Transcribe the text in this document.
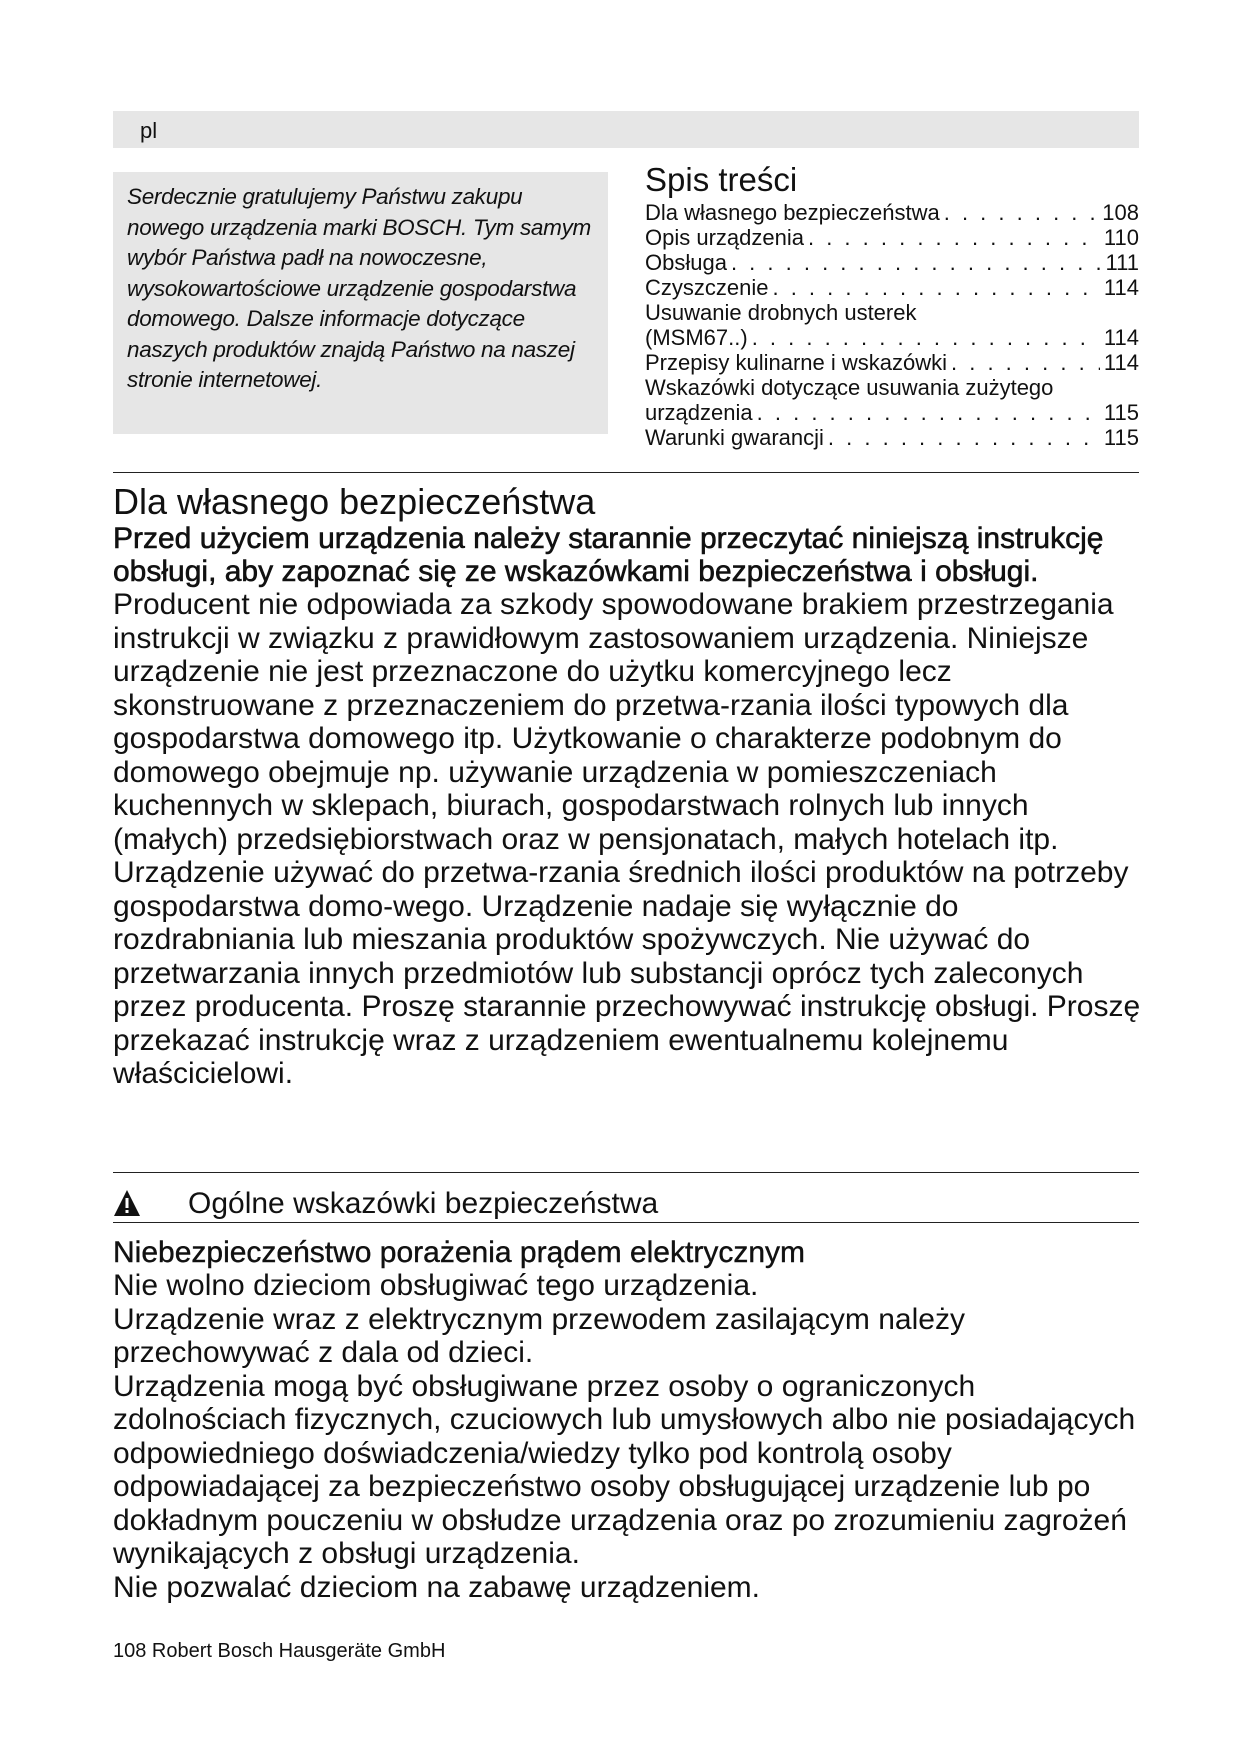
pl

Serdecznie gratulujemy Państwu zakupu nowego urządzenia marki BOSCH. Tym samym wybór Państwa padł na nowoczesne, wysokowartościowe urządzenie gospodarstwa domowego. Dalsze informacje dotyczące naszych produktów znajdą Państwo na naszej stronie internetowej.

Spis treści
Dla własnego bezpieczeństwa . . .	108
Opis urządzenia . . .	110
Obsługa . . .	111
Czyszczenie . . .	114
Usuwanie drobnych usterek
(MSM67..) . . .	114
Przepisy kulinarne i wskazówki . . .	114
Wskazówki dotyczące usuwania zużytego
urządzenia . . .	115
Warunki gwarancji . . .	115
Dla własnego bezpieczeństwa

Przed użyciem urządzenia należy starannie przeczytać niniejszą instrukcję obsługi, aby zapoznać się ze wskazówkami bezpieczeństwa i obsługi.

Producent nie odpowiada za szkody spowodowane brakiem przestrzegania instrukcji w związku z prawidłowym zastosowaniem urządzenia. Niniejsze urządzenie nie jest przeznaczone do użytku komercyjnego lecz skonstruowane z przeznaczeniem do przetwa-rzania ilości typowych dla gospodarstwa domowego itp. Użytkowanie o charakterze podobnym do domowego obejmuje np. używanie urządzenia w pomieszczeniach kuchennych w sklepach, biurach, gospodarstwach rolnych lub innych (małych) przedsiębiorstwach oraz w pensjonatach, małych hotelach itp. Urządzenie używać do przetwa-rzania średnich ilości produktów na potrzeby gospodarstwa domo-wego. Urządzenie nadaje się wyłącznie do rozdrabniania lub mieszania produktów spożywczych. Nie używać do przetwarzania innych przedmiotów lub substancji oprócz tych zaleconych przez producenta. Proszę starannie przechowywać instrukcję obsługi. Proszę przekazać instrukcję wraz z urządzeniem ewentualnemu kolejnemu właścicielowi.

Ogólne wskazówki bezpieczeństwa

Niebezpieczeństwo porażenia prądem elektrycznym

Nie wolno dzieciom obsługiwać tego urządzenia.

Urządzenie wraz z elektrycznym przewodem zasilającym należy przechowywać z dala od dzieci.

Urządzenia mogą być obsługiwane przez osoby o ograniczonych zdolnościach fizycznych, czuciowych lub umysłowych albo nie posiadających odpowiedniego doświadczenia/wiedzy tylko pod kontrolą osoby odpowiadającej za bezpieczeństwo osoby obsługującej urządzenie lub po dokładnym pouczeniu w obsłudze urządzenia oraz po zrozumieniu zagrożeń wynikających z obsługi urządzenia.

Nie pozwalać dzieciom na zabawę urządzeniem.

108 Robert Bosch Hausgeräte GmbH
